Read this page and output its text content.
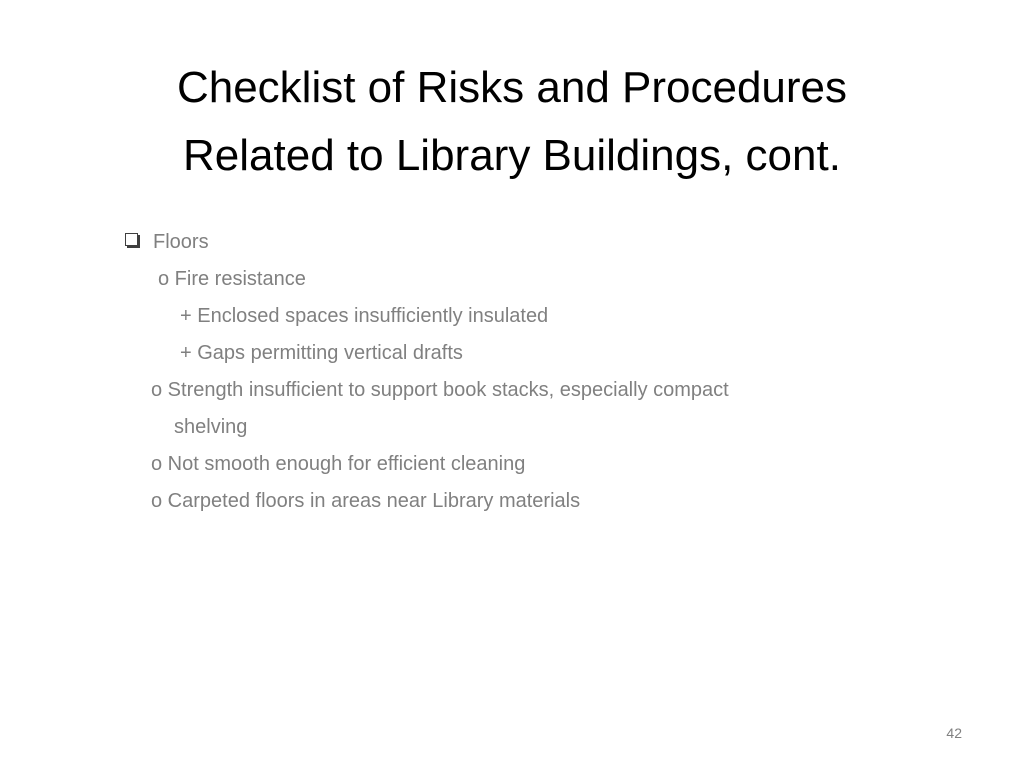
Checklist of Risks and Procedures
Related to Library Buildings, cont.
Floors
o Fire resistance
+ Enclosed spaces insufficiently insulated
+ Gaps permitting vertical drafts
o Strength insufficient to support book stacks, especially compact
shelving
o Not smooth enough for efficient cleaning
o Carpeted floors in areas near Library materials
42
